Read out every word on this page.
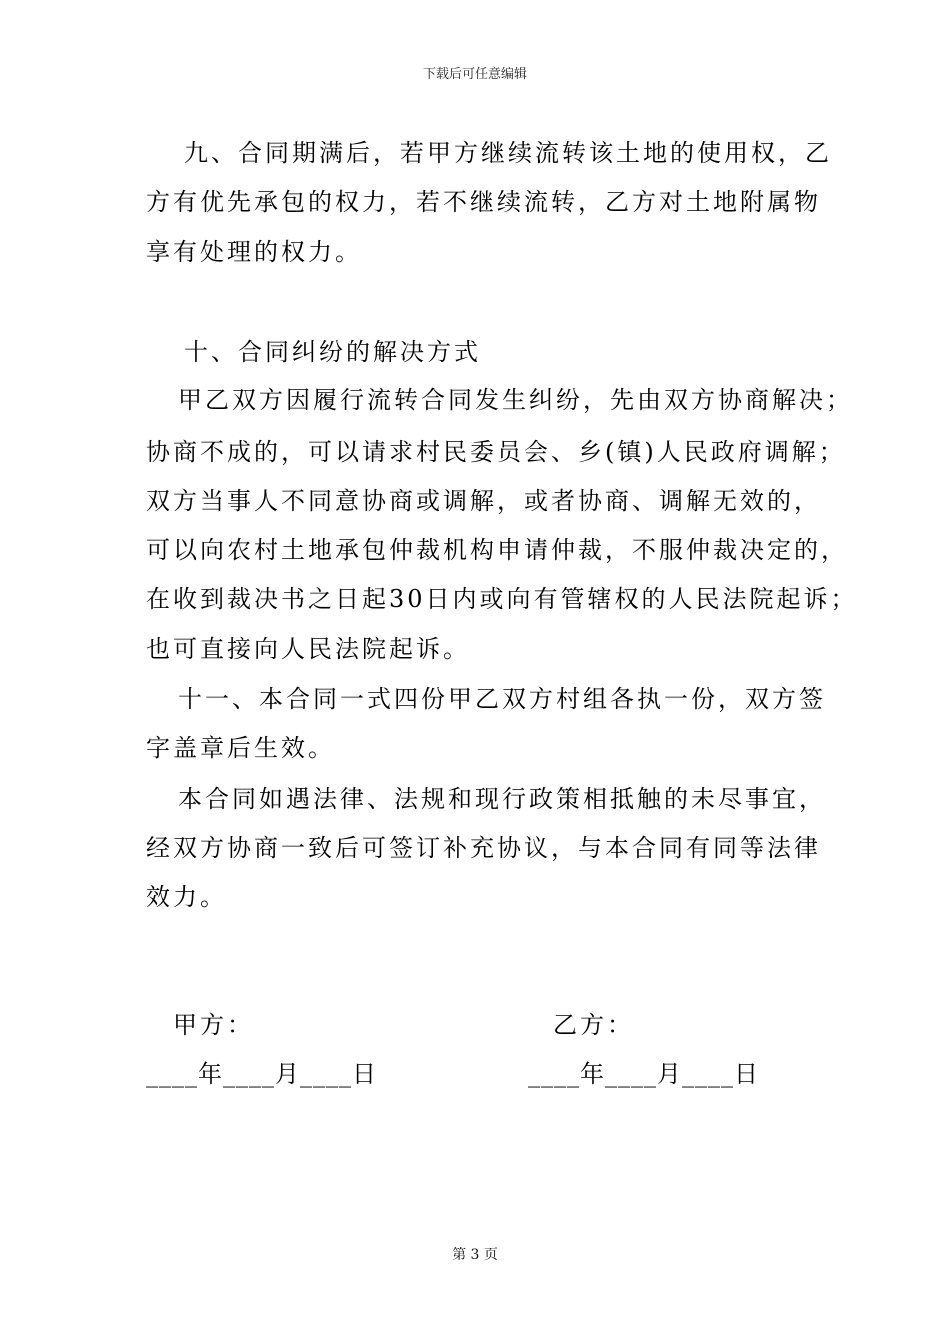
下载后可任意编辑
九、合同期满后，若甲方继续流转该土地的使用权，乙
方有优先承包的权力，若不继续流转，乙方对土地附属物
享有处理的权力。
十、合同纠纷的解决方式
甲乙双方因履行流转合同发生纠纷，先由双方协商解决；
协商不成的，可以请求村民委员会、乡(镇)人民政府调解；
双方当事人不同意协商或调解，或者协商、调解无效的，
可以向农村土地承包仲裁机构申请仲裁，不服仲裁决定的，
在收到裁决书之日起30日内或向有管辖权的人民法院起诉；
也可直接向人民法院起诉。
十一、本合同一式四份甲乙双方村组各执一份，双方签
字盖章后生效。
本合同如遇法律、法规和现行政策相抵触的未尽事宜，
经双方协商一致后可签订补充协议，与本合同有同等法律
效力。
甲方：	乙方：
____年____月____日	____年____月____日
第 3 页
